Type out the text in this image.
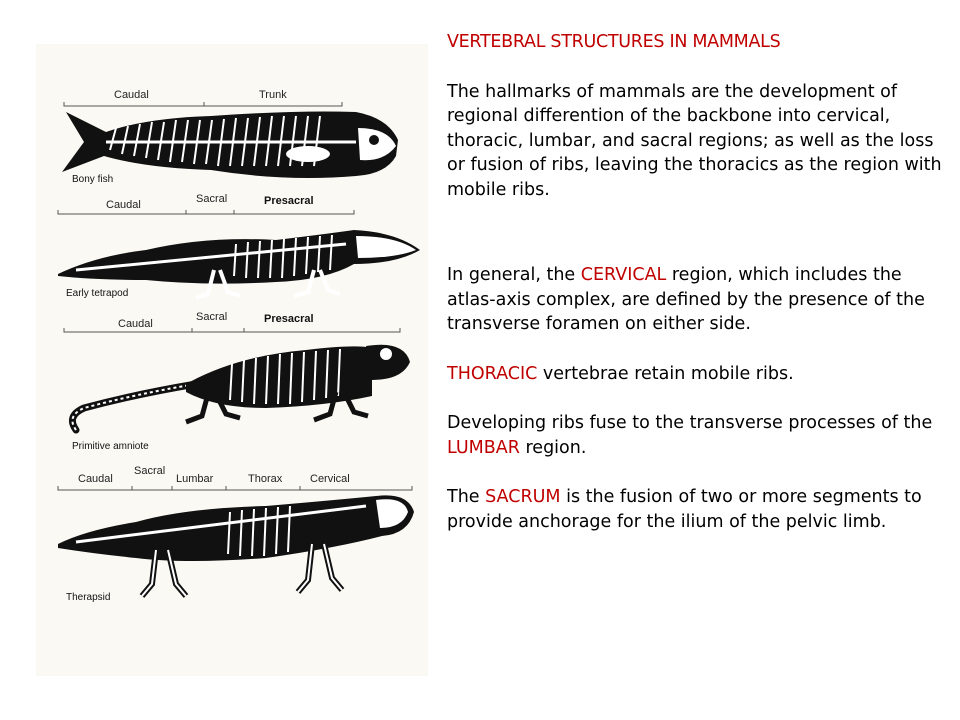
Caudal	Trunk
Bony fish
Caudal	Sacral	Presacral
Early tetrapod
Caudal
Sacral	Presacral
Primitive amniote
Caudal
Sacral
Lumbar	Thorax	Cervical
Therapsid

VERTEBRAL STRUCTURES IN MAMMALS

The hallmarks of mammals are the development of regional differention of the backbone into cervical, thoracic, lumbar, and sacral regions; as well as the loss or fusion of ribs, leaving the thoracics as the region with mobile ribs.

In general, the CERVICAL region, which includes the atlas-axis complex, are defined by the presence of the transverse foramen on either side.

THORACIC vertebrae retain mobile ribs.

Developing ribs fuse to the transverse processes of the LUMBAR region.

The SACRUM is the fusion of two or more segments to provide anchorage for the ilium of the pelvic limb.
